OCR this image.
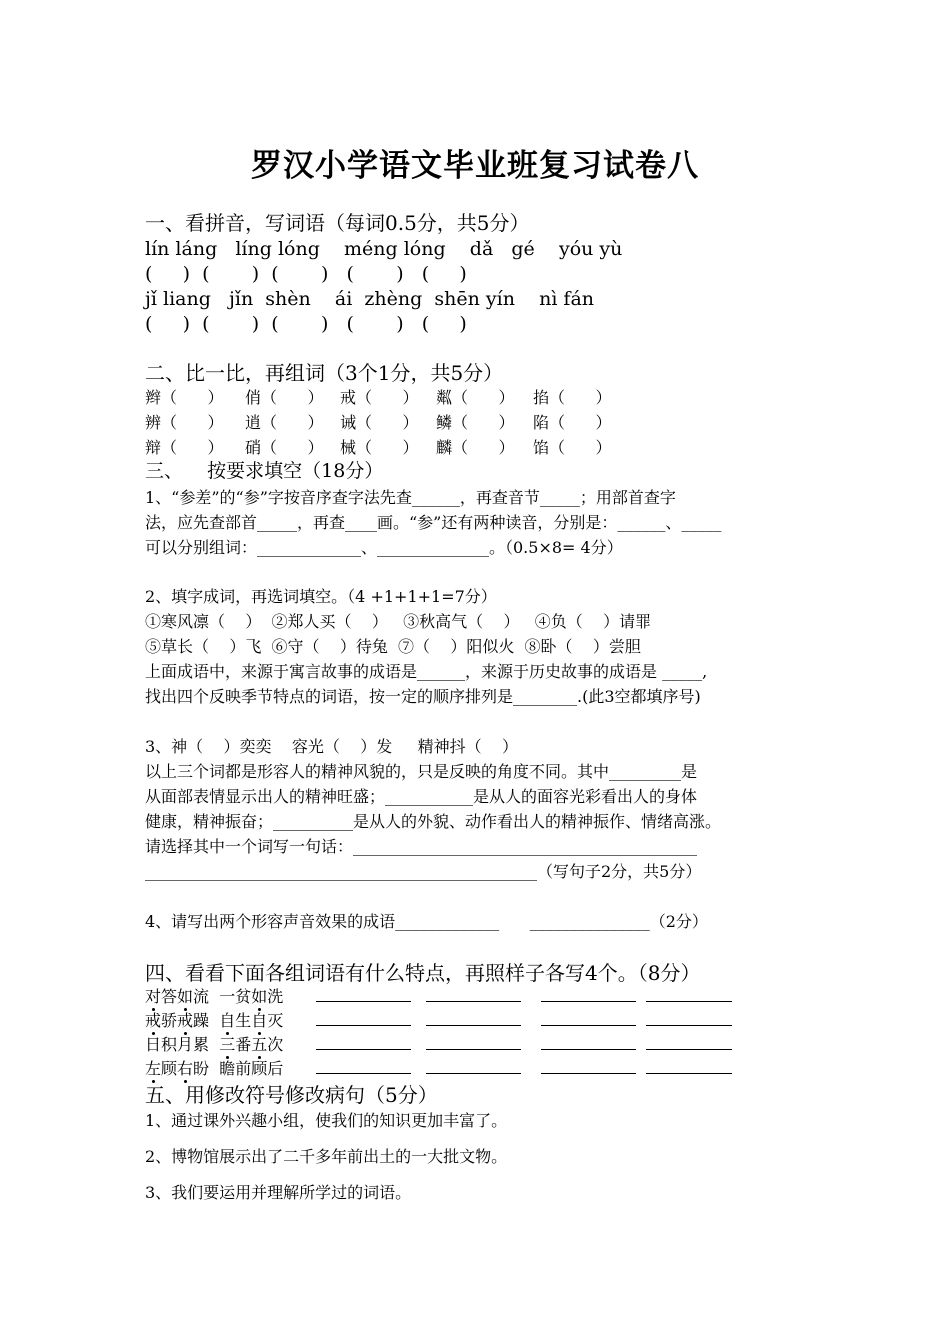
罗汉小学语文毕业班复习试卷八
一、看拼音，写词语（每词0.5分，共5分）
lín láng   líng lóng    méng lóng    dǎ   gé    yóu yù
(     )  (       )  (       )   (       )   (     )
jǐ liang   jǐn  shèn    ái  zhèng  shēn yín    nì fán
(     )  (       )  (       )   (       )   (     )
二、比一比，再组词（3个1分，共5分）
辫（      ） 俏（      ） 戒（      ） 粼（      ） 掐（      ）
辨（      ） 逍（      ） 诫（      ） 鳞（      ） 陷（      ）
辩（      ） 硝（      ） 械（      ） 麟（      ） 馅（      ）
三、    按要求填空（18分）
1、“参差”的“参”字按音序查字法先查______，再查音节_____；用部首查字
法，应先查部首_____，再查____画。“参”还有两种读音，分别是：______、_____
可以分别组词：_____________、______________。（0.5×8= 4分）
2、填字成词，再选词填空。（4 +1+1+1=7分）
①寒风凛（    ）  ②郑人买（    ）   ③秋高气（    ）   ④负（    ）请罪
⑤草长（    ）飞  ⑥守（    ）待兔  ⑦（    ）阳似火  ⑧卧（    ）尝胆
上面成语中，来源于寓言故事的成语是______，来源于历史故事的成语是 _____,
找出四个反映季节特点的词语，按一定的顺序排列是________.(此3空都填序号)
3、神（    ）奕奕    容光（    ）发     精神抖（    ）
以上三个词都是形容人的精神风貌的，只是反映的角度不同。其中_________是
从面部表情显示出人的精神旺盛；___________是从人的面容光彩看出人的身体
健康，精神振奋；__________是从人的外貌、动作看出人的精神振作、情绪高涨。
请选择其中一个词写一句话：___________________________________________
_________________________________________________（写句子2分，共5分）
4、请写出两个形容声音效果的成语_____________      _______________（2分）
四、看看下面各组词语有什么特点，再照样子各写4个。（8分）
对答如流 一贫如洗
戒骄戒躁 自生自灭
日积月累 三番五次
左顾右盼 瞻前顾后
五、用修改符号修改病句（5分）
1、通过课外兴趣小组，使我们的知识更加丰富了。
2、博物馆展示出了二千多年前出土的一大批文物。
3、我们要运用并理解所学过的词语。
